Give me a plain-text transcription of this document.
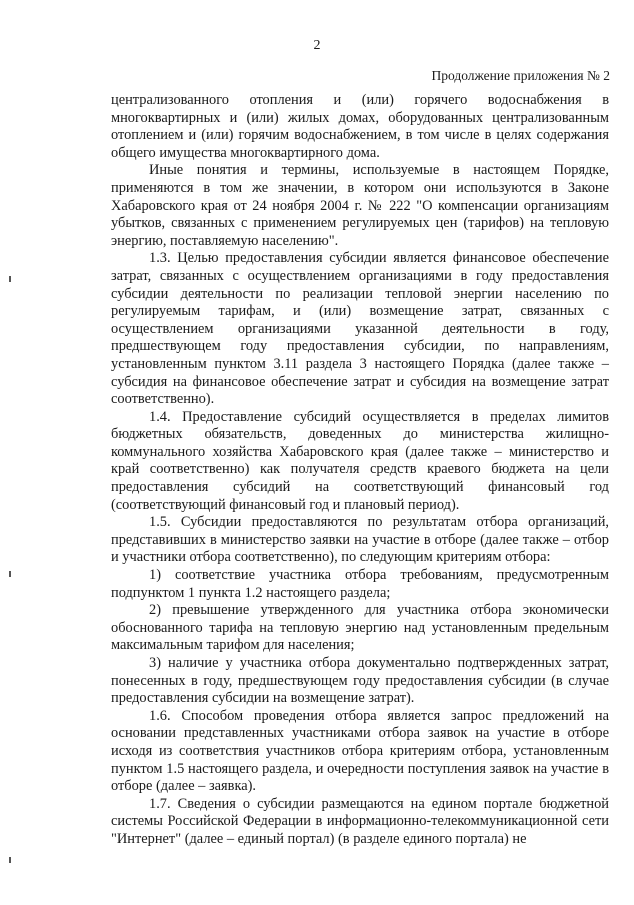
2
Продолжение приложения № 2

централизованного отопления и (или) горячего водоснабжения в многоквартирных и (или) жилых домах, оборудованных централизованным отоплением и (или) горячим водоснабжением, в том числе в целях содержания общего имущества многоквартирного дома.

Иные понятия и термины, используемые в настоящем Порядке, применяются в том же значении, в котором они используются в Законе Хабаровского края от 24 ноября 2004 г. № 222 "О компенсации организациям убытков, связанных с применением регулируемых цен (тарифов) на тепловую энергию, поставляемую населению".

1.3. Целью предоставления субсидии является финансовое обеспечение затрат, связанных с осуществлением организациями в году предоставления субсидии деятельности по реализации тепловой энергии населению по регулируемым тарифам, и (или) возмещение затрат, связанных с осуществлением организациями указанной деятельности в году, предшествующем году предоставления субсидии, по направлениям, установленным пунктом 3.11 раздела 3 настоящего Порядка (далее также – субсидия на финансовое обеспечение затрат и субсидия на возмещение затрат соответственно).

1.4. Предоставление субсидий осуществляется в пределах лимитов бюджетных обязательств, доведенных до министерства жилищно-коммунального хозяйства Хабаровского края (далее также – министерство и край соответственно) как получателя средств краевого бюджета на цели предоставления субсидий на соответствующий финансовый год (соответствующий финансовый год и плановый период).

1.5. Субсидии предоставляются по результатам отбора организаций, представивших в министерство заявки на участие в отборе (далее также – отбор и участники отбора соответственно), по следующим критериям отбора:

1) соответствие участника отбора требованиям, предусмотренным подпунктом 1 пункта 1.2 настоящего раздела;

2) превышение утвержденного для участника отбора экономически обоснованного тарифа на тепловую энергию над установленным предельным максимальным тарифом для населения;

3) наличие у участника отбора документально подтвержденных затрат, понесенных в году, предшествующем году предоставления субсидии (в случае предоставления субсидии на возмещение затрат).

1.6. Способом проведения отбора является запрос предложений на основании представленных участниками отбора заявок на участие в отборе исходя из соответствия участников отбора критериям отбора, установленным пунктом 1.5 настоящего раздела, и очередности поступления заявок на участие в отборе (далее – заявка).

1.7. Сведения о субсидии размещаются на едином портале бюджетной системы Российской Федерации в информационно-телекоммуникационной сети "Интернет" (далее – единый портал) (в разделе единого портала) не
